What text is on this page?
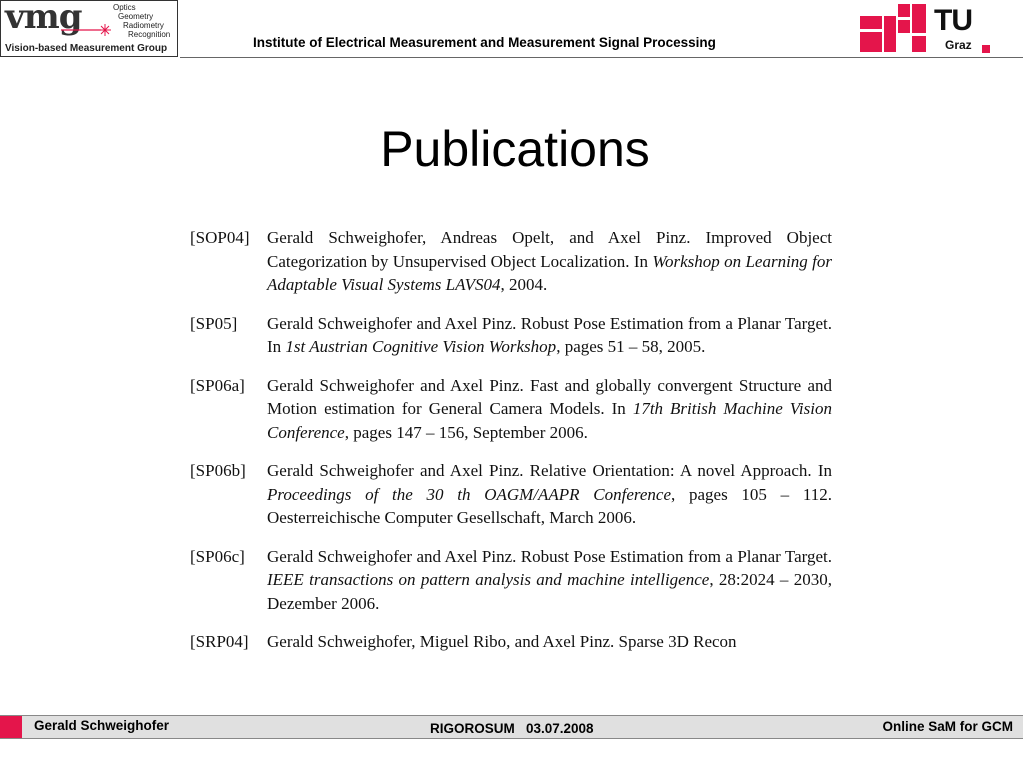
vmg	Optics
Geometry
Radiometry
Recognition
Vision-based Measurement Group	Institute of Electrical Measurement and Measurement Signal Processing
TU
Graz
Publications
[SOP04]	Gerald Schweighofer, Andreas Opelt, and Axel Pinz. Improved Object Categorization by Unsupervised Object Localization. In Workshop on Learning for Adaptable Visual Systems LAVS04, 2004.
[SP05]	Gerald Schweighofer and Axel Pinz. Robust Pose Estimation from a Planar Target. In 1st Austrian Cognitive Vision Workshop, pages 51 – 58, 2005.
[SP06a]	Gerald Schweighofer and Axel Pinz. Fast and globally convergent Structure and Motion estimation for General Camera Models. In 17th British Machine Vision Conference, pages 147 – 156, September 2006.
[SP06b]	Gerald Schweighofer and Axel Pinz. Relative Orientation: A novel Approach. In Proceedings of the 30 th OAGM/AAPR Conference, pages 105 – 112. Oesterreichische Computer Gesellschaft, March 2006.
[SP06c]	Gerald Schweighofer and Axel Pinz. Robust Pose Estimation from a Planar Target. IEEE transactions on pattern analysis and machine intelligence, 28:2024 – 2030, Dezember 2006.
[SRP04]	Gerald Schweighofer, Miguel Ribo, and Axel Pinz. Sparse 3D Recon
Gerald Schweighofer	RIGOROSUM   03.07.2008	Online SaM for GCM
